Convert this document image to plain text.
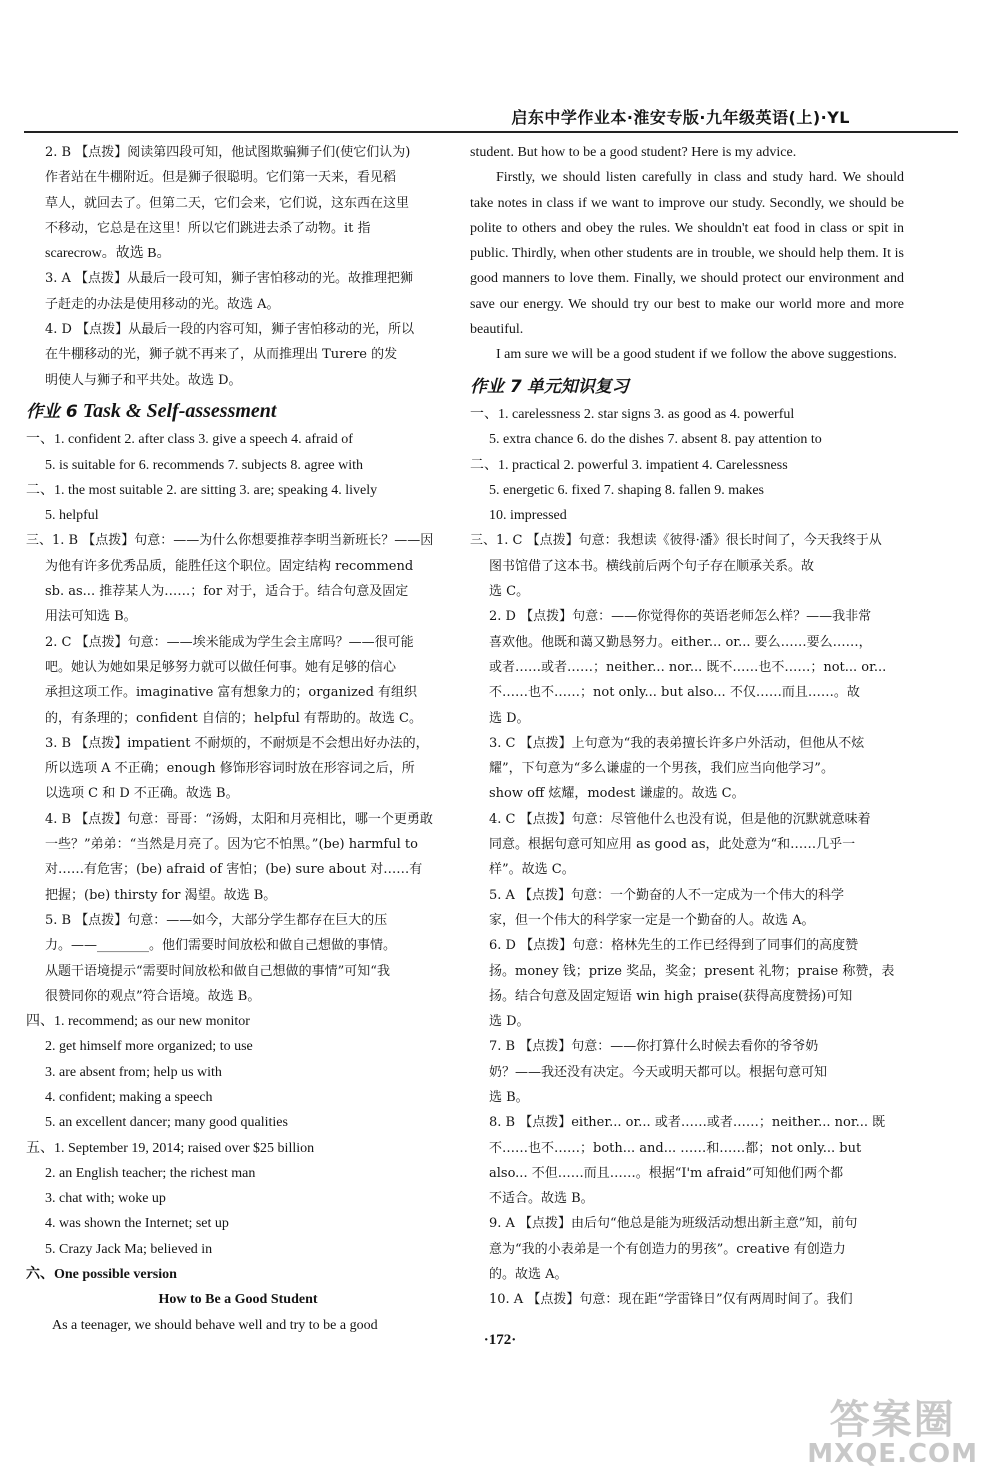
启东中学作业本·淮安专版·九年级英语(上)·YL
2. B 【点拨】阅读第四段可知，他试图欺骗狮子们(使它们认为)
作者站在牛棚附近。但是狮子很聪明。它们第一天来，看见稻
草人，就回去了。但第二天，它们会来，它们说，这东西在这里
不移动，它总是在这里！所以它们跳进去杀了动物。it 指
scarecrow。故选 B。
3. A 【点拨】从最后一段可知，狮子害怕移动的光。故推理把狮
子赶走的办法是使用移动的光。故选 A。
4. D 【点拨】从最后一段的内容可知，狮子害怕移动的光，所以
在牛棚移动的光，狮子就不再来了，从而推理出 Turere 的发
明使人与狮子和平共处。故选 D。
作业 6 Task & Self-assessment
一、1. confident 2. after class 3. give a speech 4. afraid of
5. is suitable for 6. recommends 7. subjects 8. agree with
二、1. the most suitable 2. are sitting 3. are; speaking 4. lively
5. helpful
三、1. B 【点拨】句意：——为什么你想要推荐李明当新班长？——因
为他有许多优秀品质，能胜任这个职位。固定结构 recommend
sb. as... 推荐某人为……；for 对于，适合于。结合句意及固定
用法可知选 B。
2. C 【点拨】句意：——埃米能成为学生会主席吗？——很可能
吧。她认为她如果足够努力就可以做任何事。她有足够的信心
承担这项工作。imaginative 富有想象力的；organized 有组织
的，有条理的；confident 自信的；helpful 有帮助的。故选 C。
3. B 【点拨】impatient 不耐烦的，不耐烦是不会想出好办法的，
所以选项 A 不正确；enough 修饰形容词时放在形容词之后，所
以选项 C 和 D 不正确。故选 B。
4. B 【点拨】句意：哥哥：“汤姆，太阳和月亮相比，哪一个更勇敢
一些？”弟弟：“当然是月亮了。因为它不怕黑。”(be) harmful to
对……有危害；(be) afraid of 害怕；(be) sure about 对……有
把握；(be) thirsty for 渴望。故选 B。
5. B 【点拨】句意：——如今，大部分学生都存在巨大的压
力。——________。他们需要时间放松和做自己想做的事情。
从题干语境提示“需要时间放松和做自己想做的事情”可知“我
很赞同你的观点”符合语境。故选 B。
四、1. recommend; as our new monitor
2. get himself more organized; to use
3. are absent from; help us with
4. confident; making a speech
5. an excellent dancer; many good qualities
五、1. September 19, 2014; raised over $25 billion
2. an English teacher; the richest man
3. chat with; woke up
4. was shown the Internet; set up
5. Crazy Jack Ma; believed in
六、One possible version
How to Be a Good Student
As a teenager, we should behave well and try to be a good
student. But how to be a good student? Here is my advice.
Firstly, we should listen carefully in class and study hard. We should take notes in class if we want to improve our study. Secondly, we should be polite to others and obey the rules. We shouldn't eat food in class or spit in public. Thirdly, when other students are in trouble, we should help them. It is good manners to love them. Finally, we should protect our environment and save our energy. We should try our best to make our world more and more beautiful.
I am sure we will be a good student if we follow the above suggestions.
作业 7 单元知识复习
一、1. carelessness 2. star signs 3. as good as 4. powerful
5. extra chance 6. do the dishes 7. absent 8. pay attention to
二、1. practical 2. powerful 3. impatient 4. Carelessness
5. energetic 6. fixed 7. shaping 8. fallen 9. makes
10. impressed
三、1. C 【点拨】句意：我想读《彼得·潘》很长时间了，今天我终于从
图书馆借了这本书。横线前后两个句子存在顺承关系。故
选 C。
2. D 【点拨】句意：——你觉得你的英语老师怎么样？——我非常
喜欢他。他既和蔼又勤恳努力。either... or... 要么……要么……，
或者……或者……；neither... nor... 既不……也不……；not... or...
不……也不……；not only... but also... 不仅……而且……。故
选 D。
3. C 【点拨】上句意为“我的表弟擅长许多户外活动，但他从不炫
耀”，下句意为“多么谦虚的一个男孩，我们应当向他学习”。
show off 炫耀，modest 谦虚的。故选 C。
4. C 【点拨】句意：尽管他什么也没有说，但是他的沉默就意味着
同意。根据句意可知应用 as good as，此处意为“和……几乎一
样”。故选 C。
5. A 【点拨】句意：一个勤奋的人不一定成为一个伟大的科学
家，但一个伟大的科学家一定是一个勤奋的人。故选 A。
6. D 【点拨】句意：格林先生的工作已经得到了同事们的高度赞
扬。money 钱；prize 奖品，奖金；present 礼物；praise 称赞，表
扬。结合句意及固定短语 win high praise(获得高度赞扬)可知
选 D。
7. B 【点拨】句意：——你打算什么时候去看你的爷爷奶
奶？——我还没有决定。今天或明天都可以。根据句意可知
选 B。
8. B 【点拨】either... or... 或者……或者……；neither... nor... 既
不……也不……；both... and... ……和……都；not only... but
also... 不但……而且……。根据“I'm afraid”可知他们两个都
不适合。故选 B。
9. A 【点拨】由后句“他总是能为班级活动想出新主意”知，前句
意为“我的小表弟是一个有创造力的男孩”。creative 有创造力
的。故选 A。
10. A 【点拨】句意：现在距“学雷锋日”仅有两周时间了。我们
·172·
答案圈
MXQE.COM
